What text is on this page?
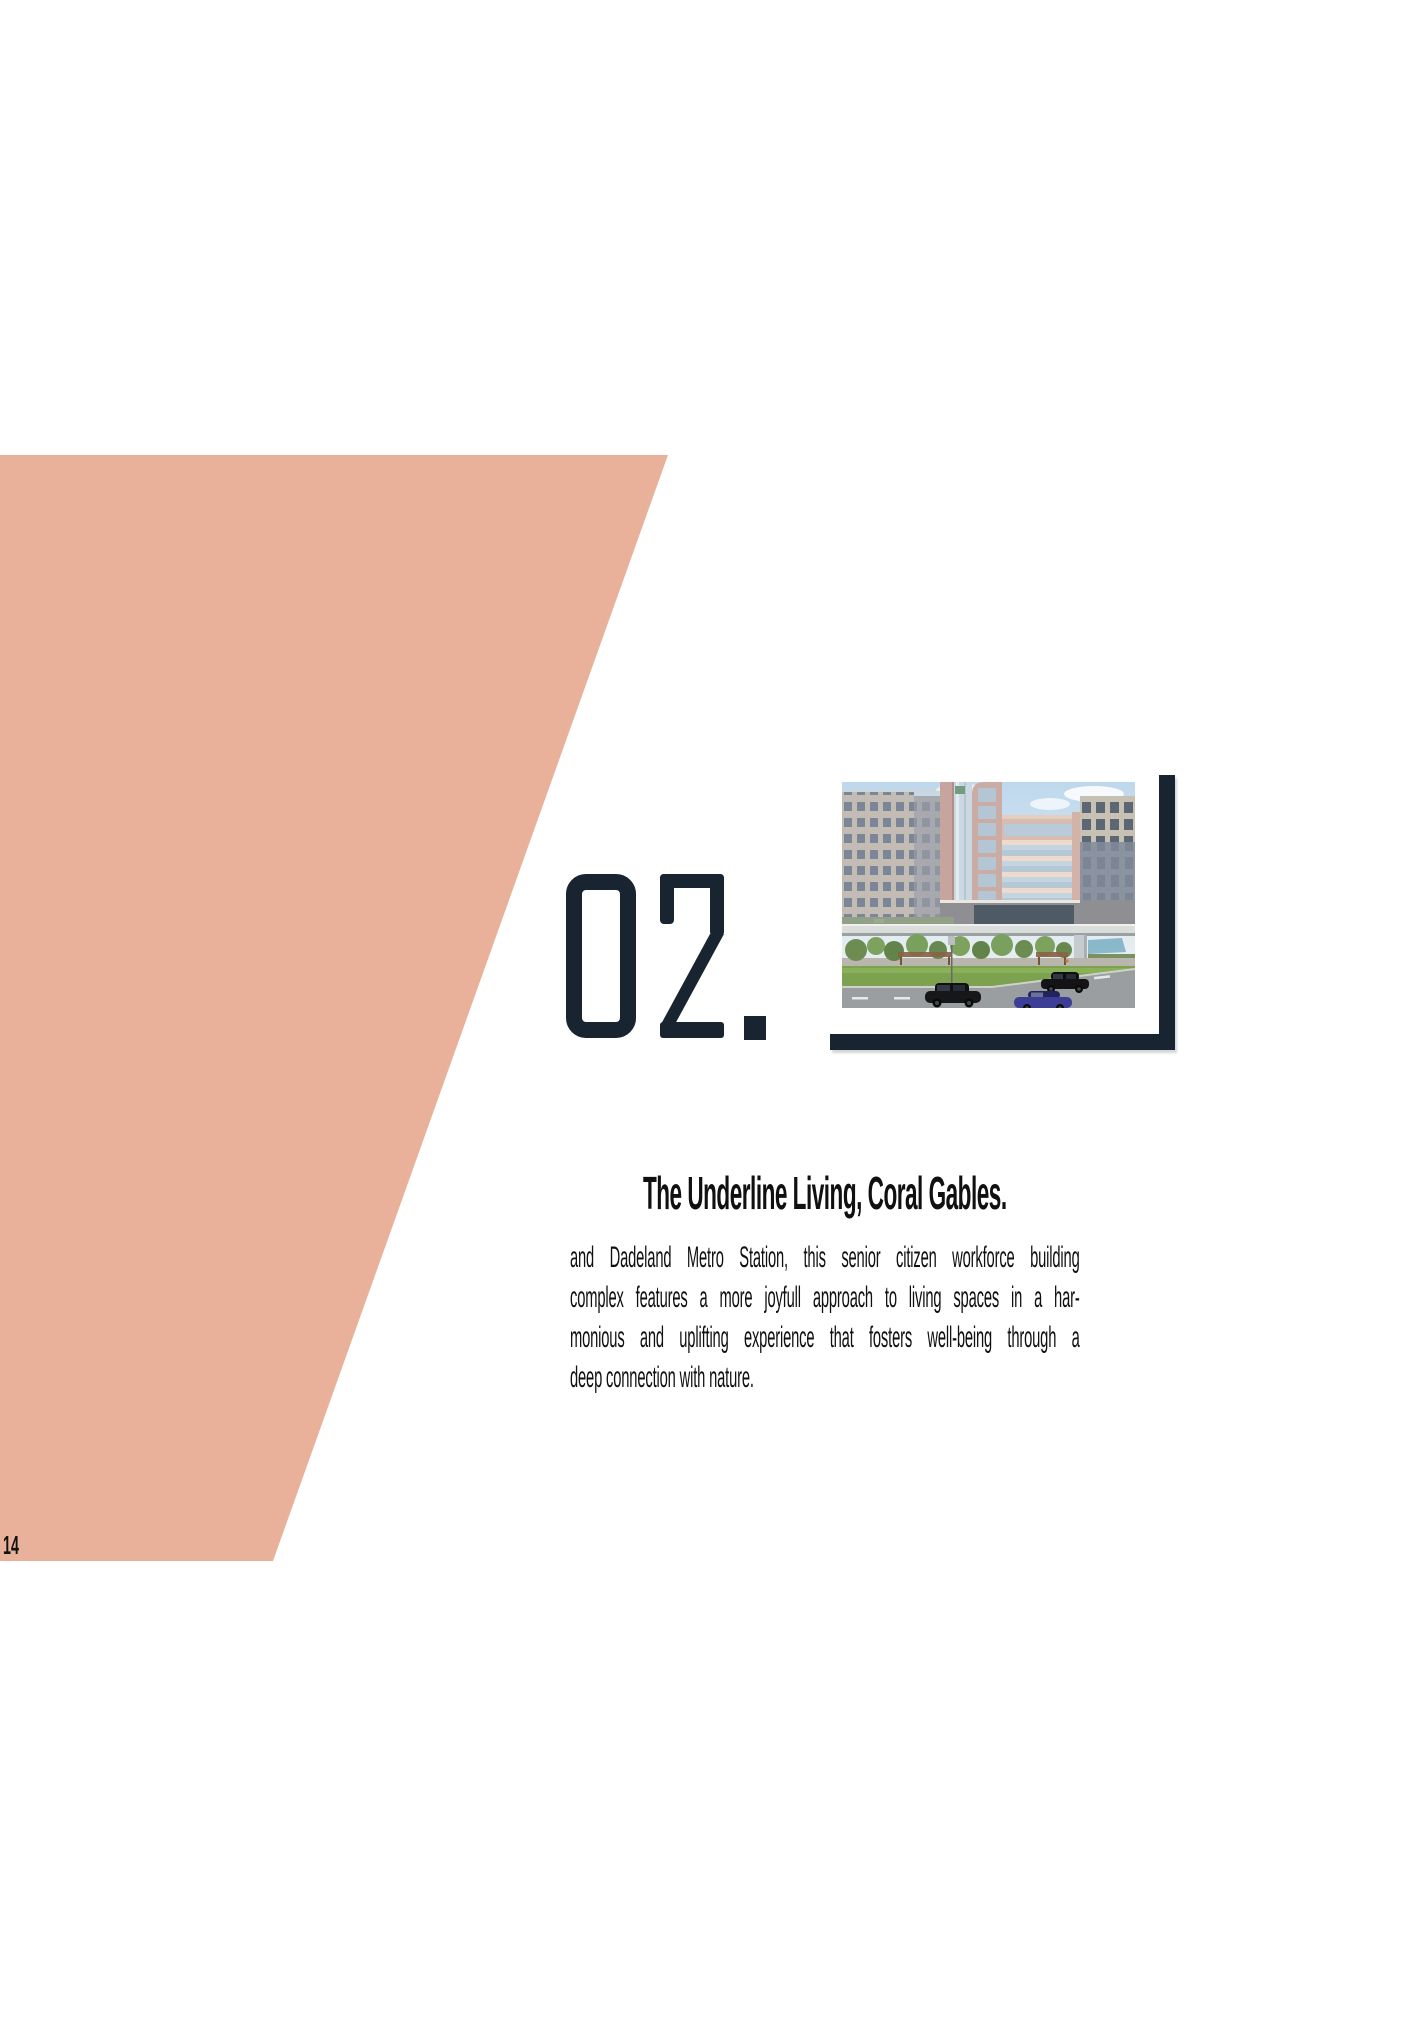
14
The Underline Living, Coral Gables.
and Dadeland Metro Station, this senior citizen workforce building
complex features a more joyfull approach to living spaces in a har-
monious and uplifting experience that fosters well-being through a
deep connection with nature.
